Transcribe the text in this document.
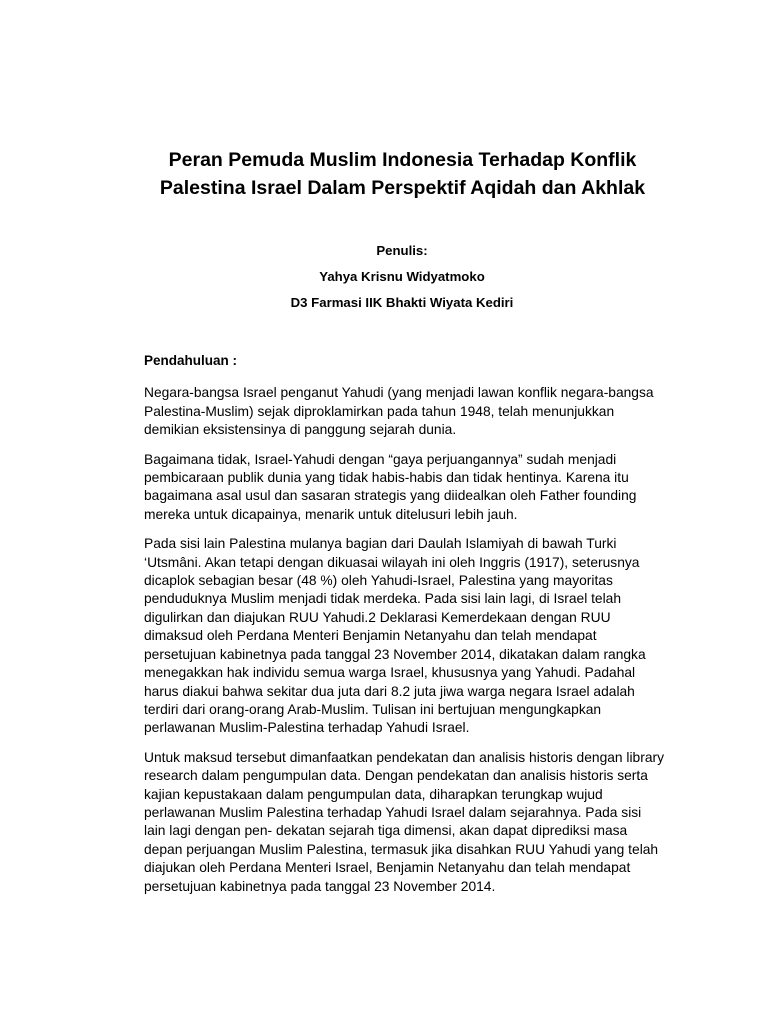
Peran Pemuda Muslim Indonesia Terhadap Konflik
Palestina Israel Dalam Perspektif Aqidah dan Akhlak
Penulis:
Yahya Krisnu Widyatmoko
D3 Farmasi IIK Bhakti Wiyata Kediri
Pendahuluan :

Negara-bangsa Israel penganut Yahudi (yang menjadi lawan konflik negara-bangsa Palestina-Muslim) sejak diproklamirkan pada tahun 1948, telah menunjukkan demikian eksistensinya di panggung sejarah dunia.

Bagaimana tidak, Israel-Yahudi dengan “gaya perjuangannya” sudah menjadi pembicaraan publik dunia yang tidak habis-habis dan tidak hentinya. Karena itu bagaimana asal usul dan sasaran strategis yang diidealkan oleh Father founding mereka untuk dicapainya, menarik untuk ditelusuri lebih jauh.

Pada sisi lain Palestina mulanya bagian dari Daulah Islamiyah di bawah Turki ‘Utsmâni. Akan tetapi dengan dikuasai wilayah ini oleh Inggris (1917), seterusnya dicaplok sebagian besar (48 %) oleh Yahudi-Israel, Palestina yang mayoritas penduduknya Muslim menjadi tidak merdeka. Pada sisi lain lagi, di Israel telah digulirkan dan diajukan RUU Yahudi.2 Deklarasi Kemerdekaan dengan RUU dimaksud oleh Perdana Menteri Benjamin Netanyahu dan telah mendapat persetujuan kabinetnya pada tanggal 23 November 2014, dikatakan dalam rangka menegakkan hak individu semua warga Israel, khususnya yang Yahudi. Padahal harus diakui bahwa sekitar dua juta dari 8.2 juta jiwa warga negara Israel adalah terdiri dari orang-orang Arab-Muslim. Tulisan ini bertujuan mengungkapkan perlawanan Muslim-Palestina terhadap Yahudi Israel.

Untuk maksud tersebut dimanfaatkan pendekatan dan analisis historis dengan library research dalam pengumpulan data. Dengan pendekatan dan analisis historis serta kajian kepustakaan dalam pengumpulan data, diharapkan terungkap wujud perlawanan Muslim Palestina terhadap Yahudi Israel dalam sejarahnya. Pada sisi lain lagi dengan pen- dekatan sejarah tiga dimensi, akan dapat diprediksi masa depan perjuangan Muslim Palestina, termasuk jika disahkan RUU Yahudi yang telah diajukan oleh Perdana Menteri Israel, Benjamin Netanyahu dan telah mendapat persetujuan kabinetnya pada tanggal 23 November 2014.
